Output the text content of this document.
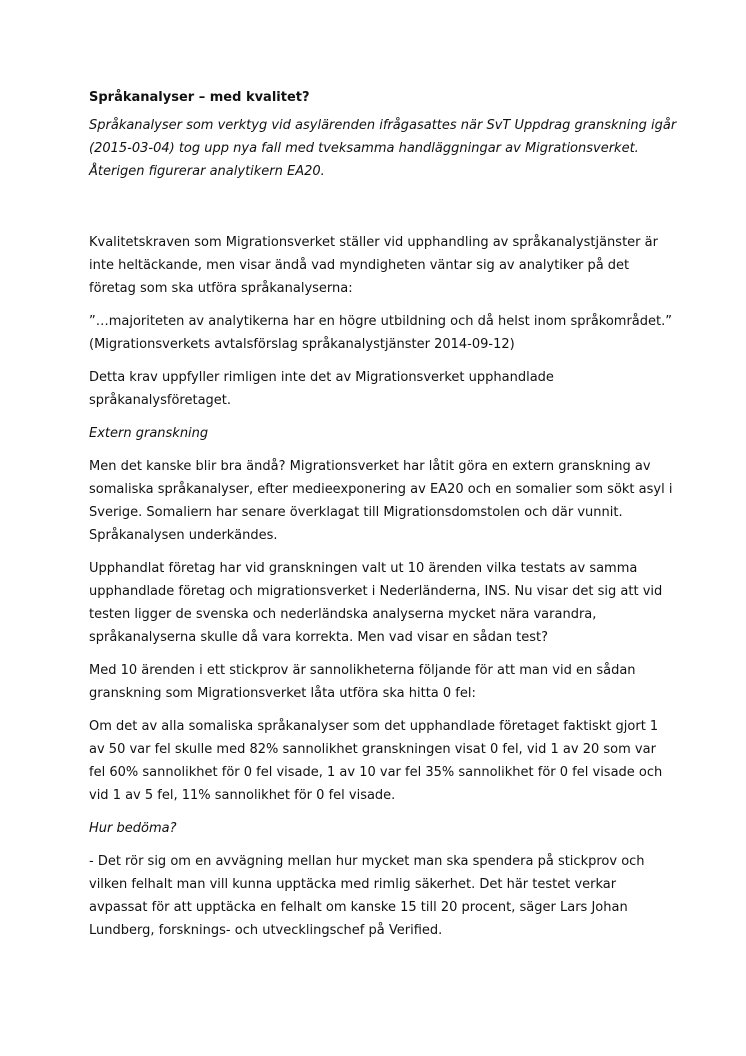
Språkanalyser – med kvalitet?
Språkanalyser som verktyg vid asylärenden ifrågasattes när SvT Uppdrag granskning igår
(2015-03-04) tog upp nya fall med tveksamma handläggningar av Migrationsverket.
Återigen figurerar analytikern EA20.
Kvalitetskraven som Migrationsverket ställer vid upphandling av språkanalystjänster är
inte heltäckande, men visar ändå vad myndigheten väntar sig av analytiker på det
företag som ska utföra språkanalyserna:
”…majoriteten av analytikerna har en högre utbildning och då helst inom språkområdet.”
(Migrationsverkets avtalsförslag språkanalystjänster 2014-09-12)
Detta krav uppfyller rimligen inte det av Migrationsverket upphandlade
språkanalysföretaget.
Extern granskning
Men det kanske blir bra ändå? Migrationsverket har låtit göra en extern granskning av
somaliska språkanalyser, efter medieexponering av EA20 och en somalier som sökt asyl i
Sverige. Somaliern har senare överklagat till Migrationsdomstolen och där vunnit.
Språkanalysen underkändes.
Upphandlat företag har vid granskningen valt ut 10 ärenden vilka testats av samma
upphandlade företag och migrationsverket i Nederländerna, INS. Nu visar det sig att vid
testen ligger de svenska och nederländska analyserna mycket nära varandra,
språkanalyserna skulle då vara korrekta. Men vad visar en sådan test?
Med 10 ärenden i ett stickprov är sannolikheterna följande för att man vid en sådan
granskning som Migrationsverket låta utföra ska hitta 0 fel:
Om det av alla somaliska språkanalyser som det upphandlade företaget faktiskt gjort 1
av 50 var fel skulle med 82% sannolikhet granskningen visat 0 fel, vid 1 av 20 som var
fel 60% sannolikhet för 0 fel visade, 1 av 10 var fel 35% sannolikhet för 0 fel visade och
vid 1 av 5 fel, 11% sannolikhet för 0 fel visade.
Hur bedöma?
- Det rör sig om en avvägning mellan hur mycket man ska spendera på stickprov och
vilken felhalt man vill kunna upptäcka med rimlig säkerhet. Det här testet verkar
avpassat för att upptäcka en felhalt om kanske 15 till 20 procent, säger Lars Johan
Lundberg, forsknings- och utvecklingschef på Verified.
